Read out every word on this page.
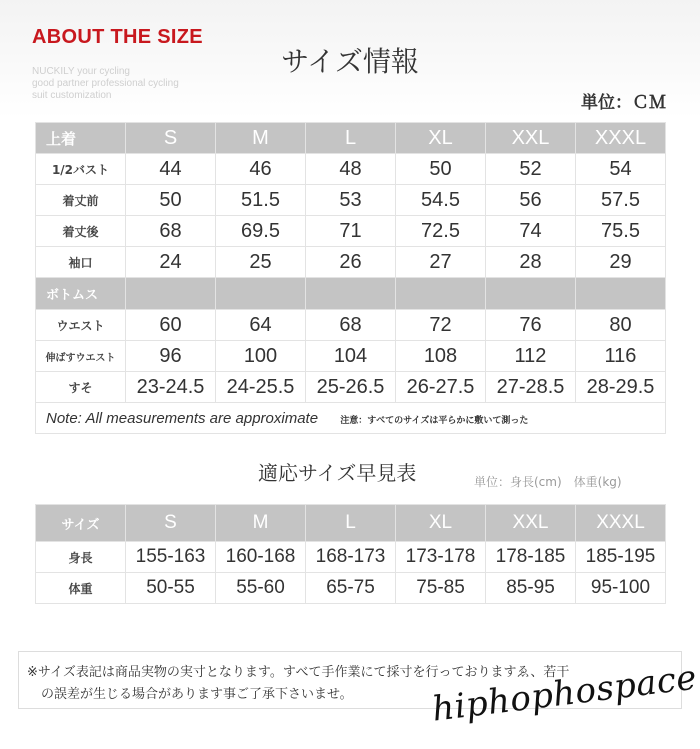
ABOUT THE SIZE
NUCKILY your cycling
good partner professional cycling
suit customization
サイズ情報
単位：ＣＭ
上着	S	M	L	XL	XXL	XXXL
1/2バスト	44	46	48	50	52	54
着丈前	50	51.5	53	54.5	56	57.5
着丈後	68	69.5	71	72.5	74	75.5
袖口	24	25	26	27	28	29
ボトムス						
ウエスト	60	64	68	72	76	80
伸ばすウエスト	96	100	104	108	112	116
すそ	23-24.5	24-25.5	25-26.5	26-27.5	27-28.5	28-29.5
Note: All measurements are approximate 注意：すべてのサイズは平らかに敷いて測った						
適応サイズ早見表	単位：身長(cm)　体重(kg)
サイズ	S	M	L	XL	XXL	XXXL
身長	155-163	160-168	168-173	173-178	178-185	185-195
体重	50-55	55-60	65-75	75-85	85-95	95-100
※サイズ表記は商品実物の実寸となります。すべて手作業にて採寸を行っておりますゑ、若干
の誤差が生じる場合があります事ご了承下さいませ。	hiphophospace
